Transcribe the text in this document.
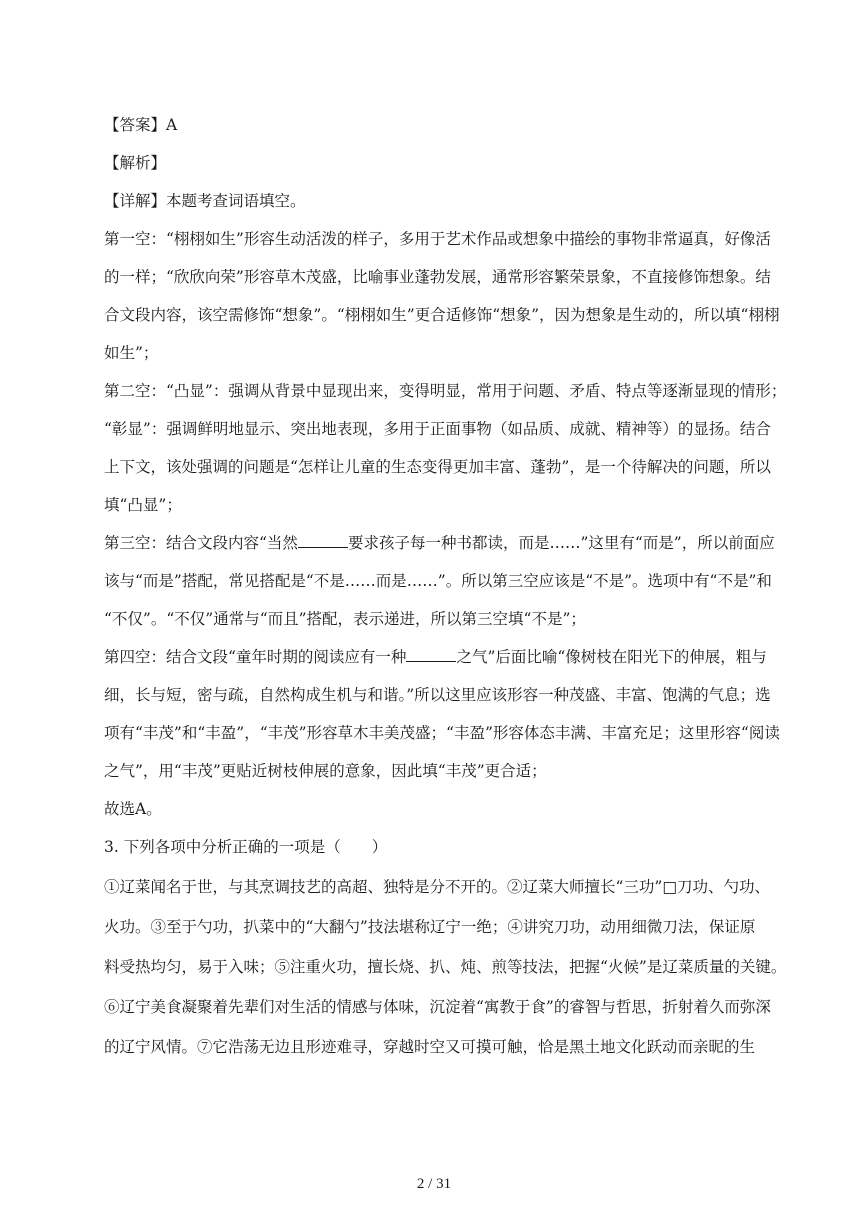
【答案】A
【解析】
【详解】本题考查词语填空。
第一空：“栩栩如生”形容生动活泼的样子，多用于艺术作品或想象中描绘的事物非常逼真，好像活
的一样；“欣欣向荣”形容草木茂盛，比喻事业蓬勃发展，通常形容繁荣景象，不直接修饰想象。结
合文段内容，该空需修饰“想象”。“栩栩如生”更合适修饰“想象”，因为想象是生动的，所以填“栩栩
如生”；
第二空：“凸显”：强调从背景中显现出来，变得明显，常用于问题、矛盾、特点等逐渐显现的情形；
“彰显”：强调鲜明地显示、突出地表现，多用于正面事物（如品质、成就、精神等）的显扬。结合
上下文，该处强调的问题是“怎样让儿童的生态变得更加丰富、蓬勃”，是一个待解决的问题，所以
填“凸显”；
第三空：结合文段内容“当然	要求孩子每一种书都读，而是……”这里有“而是”，所以前面应
该与“而是”搭配，常见搭配是“不是……而是……”。所以第三空应该是“不是”。选项中有“不是”和
“不仅”。“不仅”通常与“而且”搭配，表示递进，所以第三空填“不是”；
第四空：结合文段“童年时期的阅读应有一种	之气”后面比喻“像树枝在阳光下的伸展，粗与
细，长与短，密与疏，自然构成生机与和谐。”所以这里应该形容一种茂盛、丰富、饱满的气息；选
项有“丰茂”和“丰盈”，“丰茂”形容草木丰美茂盛；“丰盈”形容体态丰满、丰富充足；这里形容“阅读
之气”，用“丰茂”更贴近树枝伸展的意象，因此填“丰茂”更合适；
故选A。
3. 下列各项中分析正确的一项是（　　）
①辽菜闻名于世，与其烹调技艺的高超、独特是分不开的。②辽菜大师擅长“三功”□刀功、勺功、
火功。③至于勺功，扒菜中的“大翻勺”技法堪称辽宁一绝；④讲究刀功，动用细微刀法，保证原
料受热均匀，易于入味；⑤注重火功，擅长烧、扒、炖、煎等技法，把握“火候”是辽菜质量的关键。
⑥辽宁美食凝聚着先辈们对生活的情感与体味，沉淀着“寓教于食”的睿智与哲思，折射着久而弥深
的辽宁风情。⑦它浩荡无边且形迹难寻，穿越时空又可摸可触，恰是黑土地文化跃动而亲昵的生
2 / 31
